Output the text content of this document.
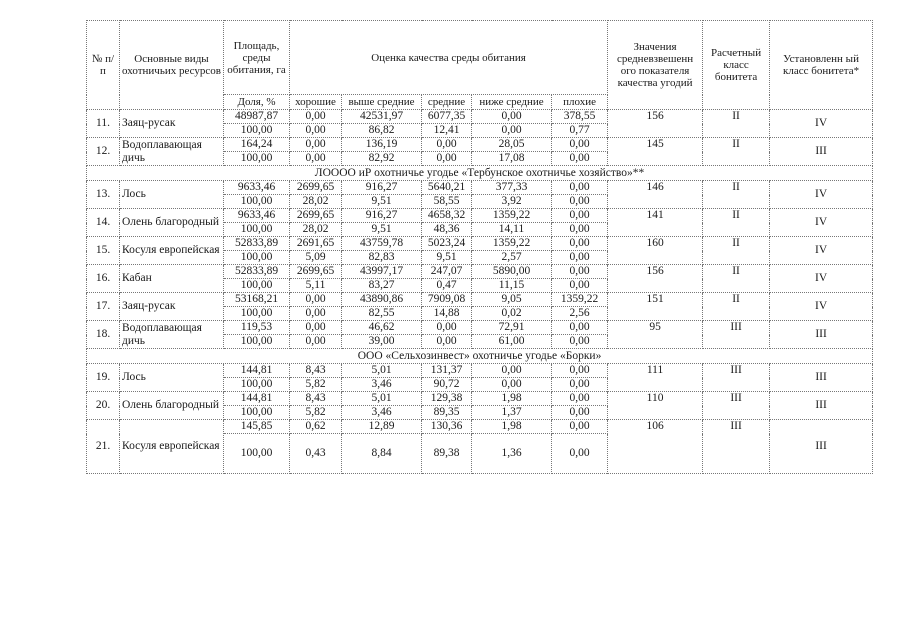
№ п/п	Основные виды охотничьих ресурсов	Площадь, среды обитания, га	Оценка качества среды обитания					Значения средневзвешенн ого показателя качества угодий	Расчетный класс бонитета	Установленн ый класс бонитета*
		Доля, %	хорошие	выше средние	средние	ниже средние	плохие			
11.	Заяц-русак	48987,87	0,00	42531,97	6077,35	0,00	378,55	156	II	IV
		100,00	0,00	86,82	12,41	0,00	0,77			
12.	Водоплавающая дичь	164,24	0,00	136,19	0,00	28,05	0,00	145	II	III
		100,00	0,00	82,92	0,00	17,08	0,00			
ЛОООО иР охотничье угодье «Тербунское охотничье хозяйство»**										
13.	Лось	9633,46	2699,65	916,27	5640,21	377,33	0,00	146	II	IV
		100,00	28,02	9,51	58,55	3,92	0,00			
14.	Олень благородный	9633,46	2699,65	916,27	4658,32	1359,22	0,00	141	II	IV
		100,00	28,02	9,51	48,36	14,11	0,00			
15.	Косуля европейская	52833,89	2691,65	43759,78	5023,24	1359,22	0,00	160	II	IV
		100,00	5,09	82,83	9,51	2,57	0,00			
16.	Кабан	52833,89	2699,65	43997,17	247,07	5890,00	0,00	156	II	IV
		100,00	5,11	83,27	0,47	11,15	0,00			
17.	Заяц-русак	53168,21	0,00	43890,86	7909,08	9,05	1359,22	151	II	IV
		100,00	0,00	82,55	14,88	0,02	2,56			
18.	Водоплавающая дичь	119,53	0,00	46,62	0,00	72,91	0,00	95	III	III
		100,00	0,00	39,00	0,00	61,00	0,00			
ООО «Сельхозинвест» охотничье угодье «Борки»										
19.	Лось	144,81	8,43	5,01	131,37	0,00	0,00	111	III	III
		100,00	5,82	3,46	90,72	0,00	0,00			
20.	Олень благородный	144,81	8,43	5,01	129,38	1,98	0,00	110	III	III
		100,00	5,82	3,46	89,35	1,37	0,00			
21.	Косуля европейская	145,85	0,62	12,89	130,36	1,98	0,00	106	III	III
		100,00	0,43	8,84	89,38	1,36	0,00			
